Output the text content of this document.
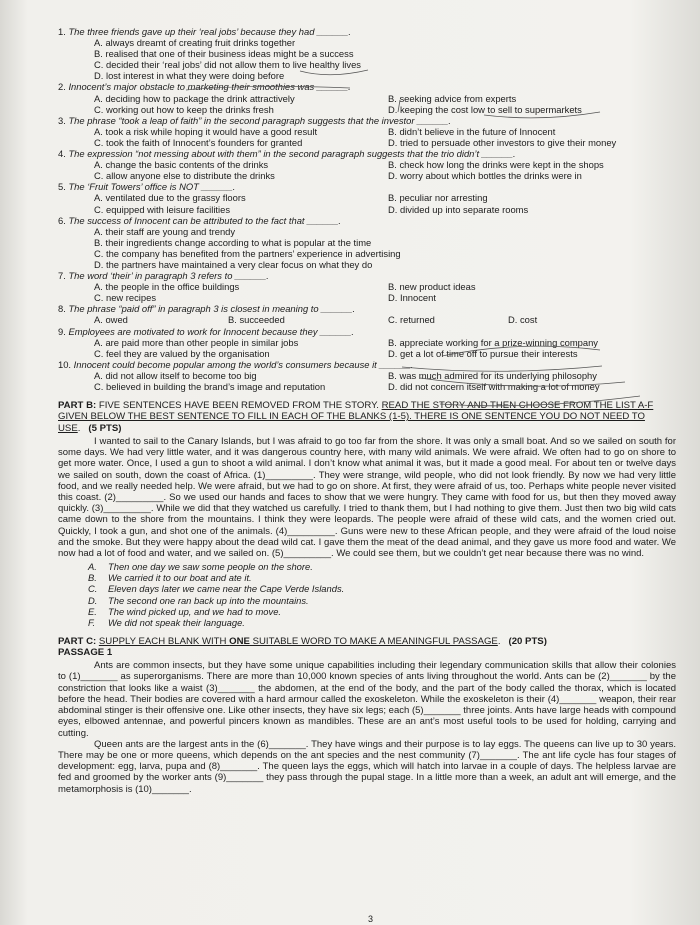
1. The three friends gave up their ‘real jobs’ because they had ______.
A. always dreamt of creating fruit drinks together
B. realised that one of their business ideas might be a success
C. decided their ‘real jobs’ did not allow them to live healthy lives
D. lost interest in what they were doing before
2. Innocent’s major obstacle to marketing their smoothies was ______.
A. deciding how to package the drink attractively	B. seeking advice from experts
C. working out how to keep the drinks fresh	D. keeping the cost low to sell to supermarkets
3. The phrase “took a leap of faith” in the second paragraph suggests that the investor ______.
A. took a risk while hoping it would have a good result	B. didn’t believe in the future of Innocent
C. took the faith of Innocent’s founders for granted	D. tried to persuade other investors to give their money
4. The expression “not messing about with them” in the second paragraph suggests that the trio didn’t ______.
A. change the basic contents of the drinks	B. check how long the drinks were kept in the shops
C. allow anyone else to distribute the drinks	D. worry about which bottles the drinks were in
5. The ‘Fruit Towers’ office is NOT ______.
A. ventilated due to the grassy floors	B. peculiar nor arresting
C. equipped with leisure facilities	D. divided up into separate rooms
6. The success of Innocent can be attributed to the fact that ______.
A. their staff are young and trendy
B. their ingredients change according to what is popular at the time
C. the company has benefited from the partners’ experience in advertising
D. the partners have maintained a very clear focus on what they do
7. The word ‘their’ in paragraph 3 refers to ______.
A. the people in the office buildings	B. new product ideas
C. new recipes	D. Innocent
8. The phrase “paid off” in paragraph 3 is closest in meaning to ______.
A. owed	B. succeeded	C. returned	D. cost
9. Employees are motivated to work for Innocent because they ______.
A. are paid more than other people in similar jobs	B. appreciate working for a prize-winning company
C. feel they are valued by the organisation	D. get a lot of time off to pursue their interests
10. Innocent could become popular among the world’s consumers because it ______.
A. did not allow itself to become too big	B. was much admired for its underlying philosophy
C. believed in building the brand’s image and reputation	D. did not concern itself with making a lot of money
PART B: FIVE SENTENCES HAVE BEEN REMOVED FROM THE STORY. READ THE STORY AND THEN CHOOSE FROM THE LIST A-F GIVEN BELOW THE BEST SENTENCE TO FILL IN EACH OF THE BLANKS (1-5). THERE IS ONE SENTENCE YOU DO NOT NEED TO USE. (5 PTS)

I wanted to sail to the Canary Islands, but I was afraid to go too far from the shore. It was only a small boat. And so we sailed on south for some days. We had very little water, and it was dangerous country here, with many wild animals. We were afraid. We often had to go on shore to get more water. Once, I used a gun to shoot a wild animal. I don’t know what animal it was, but it made a good meal. For about ten or twelve days we sailed on south, down the coast of Africa. (1)_________. They were strange, wild people, who did not look friendly. By now we had very little food, and we really needed help. We were afraid, but we had to go on shore. At first, they were afraid of us, too. Perhaps white people never visited this coast. (2)_________. So we used our hands and faces to show that we were hungry. They came with food for us, but then they moved away quickly. (3)_________. While we did that they watched us carefully. I tried to thank them, but I had nothing to give them. Just then two big wild cats came down to the shore from the mountains. I think they were leopards. The people were afraid of these wild cats, and the women cried out. Quickly, I took a gun, and shot one of the animals. (4)_________. Guns were new to these African people, and they were afraid of the loud noise and the smoke. But they were happy about the dead wild cat. I gave them the meat of the dead animal, and they gave us more food and water. We now had a lot of food and water, and we sailed on. (5)_________. We could see them, but we couldn’t get near because there was no wind.

A. Then one day we saw some people on the shore.
B. We carried it to our boat and ate it.
C. Eleven days later we came near the Cape Verde Islands.
D. The second one ran back up into the mountains.
E. The wind picked up, and we had to move.
F. We did not speak their language.
PART C: SUPPLY EACH BLANK WITH ONE SUITABLE WORD TO MAKE A MEANINGFUL PASSAGE. (20 PTS)
PASSAGE 1

Ants are common insects, but they have some unique capabilities including their legendary communication skills that allow their colonies to (1)_______ as superorganisms. There are more than 10,000 known species of ants living throughout the world. Ants can be (2)_______ by the constriction that looks like a waist (3)_______ the abdomen, at the end of the body, and the part of the body called the thorax, which is located before the head. Their bodies are covered with a hard armour called the exoskeleton. While the exoskeleton is their (4)_______ weapon, their rear abdominal stinger is their offensive one. Like other insects, they have six legs; each (5)_______ three joints. Ants have large heads with compound eyes, elbowed antennae, and powerful pincers known as mandibles. These are an ant’s most useful tools to be used for holding, carrying and cutting.

Queen ants are the largest ants in the (6)_______. They have wings and their purpose is to lay eggs. The queens can live up to 30 years. There may be one or more queens, which depends on the ant species and the nest community (7)_______. The ant life cycle has four stages of development: egg, larva, pupa and (8)_______. The queen lays the eggs, which will hatch into larvae in a couple of days. The helpless larvae are fed and groomed by the worker ants (9)_______ they pass through the pupal stage. In a little more than a week, an adult ant will emerge, and the metamorphosis is (10)_______.

3
